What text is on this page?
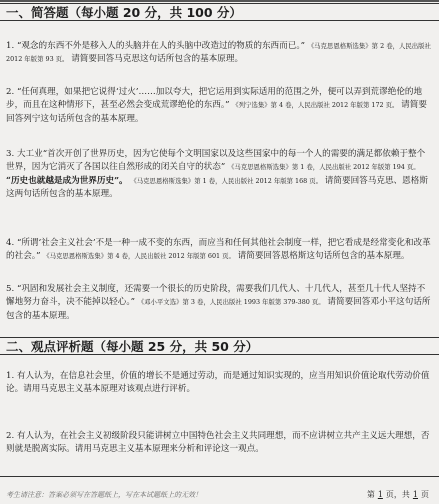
一、简答题（每小题 20 分，共 100 分）

1. “观念的东西不外是移入人的头脑并在人的头脑中改造过的物质的东西而已。” 《马克思恩格斯选集》第 2 卷，人民出版社 2012 年版第 93 页。 请简要回答马克思这句话所包含的基本原理。

2. “任何真理，如果把它说得‘过火’……加以夸大，把它运用到实际适用的范围之外，便可以弄到荒谬绝伦的地步，而且在这种情形下，甚至必然会变成荒谬绝伦的东西。” 《列宁选集》第 4 卷，人民出版社 2012 年版第 172 页。 请简要回答列宁这句话所包含的基本原理。

3. 大工业“首次开创了世界历史，因为它使每个文明国家以及这些国家中的每一个人的需要的满足都依赖于整个世界，因为它消灭了各国以往自然形成的闭关自守的状态” 《马克思恩格斯选集》第 1 卷，人民出版社 2012 年版第 194 页。 “历史也就越是成为世界历史”。 《马克思恩格斯选集》第 1 卷，人民出版社 2012 年版第 168 页。 请简要回答马克思、恩格斯这两句话所包含的基本原理。

4. “所谓‘社会主义社会’不是一种一成不变的东西，而应当和任何其他社会制度一样，把它看成是经常变化和改革的社会。” 《马克思恩格斯选集》第 4 卷，人民出版社 2012 年版第 601 页。 请简要回答恩格斯这句话所包含的基本原理。

5. “巩固和发展社会主义制度，还需要一个很长的历史阶段，需要我们几代人、十几代人，甚至几十代人坚持不懈地努力奋斗，决不能掉以轻心。” 《邓小平文选》第 3 卷，人民出版社 1993 年版第 379-380 页。 请简要回答邓小平这句话所包含的基本原理。

二、观点评析题（每小题 25 分，共 50 分）

1. 有人认为，在信息社会里，价值的增长不是通过劳动，而是通过知识实现的，应当用知识价值论取代劳动价值论。请用马克思主义基本原理对该观点进行评析。

2. 有人认为，在社会主义初级阶段只能讲树立中国特色社会主义共同理想，而不应讲树立共产主义远大理想，否则就是脱离实际。请用马克思主义基本原理来分析和评论这一观点。

考生请注意：答案必须写在答题纸上，写在本试题纸上的无效！	第 1 页，共 1 页
